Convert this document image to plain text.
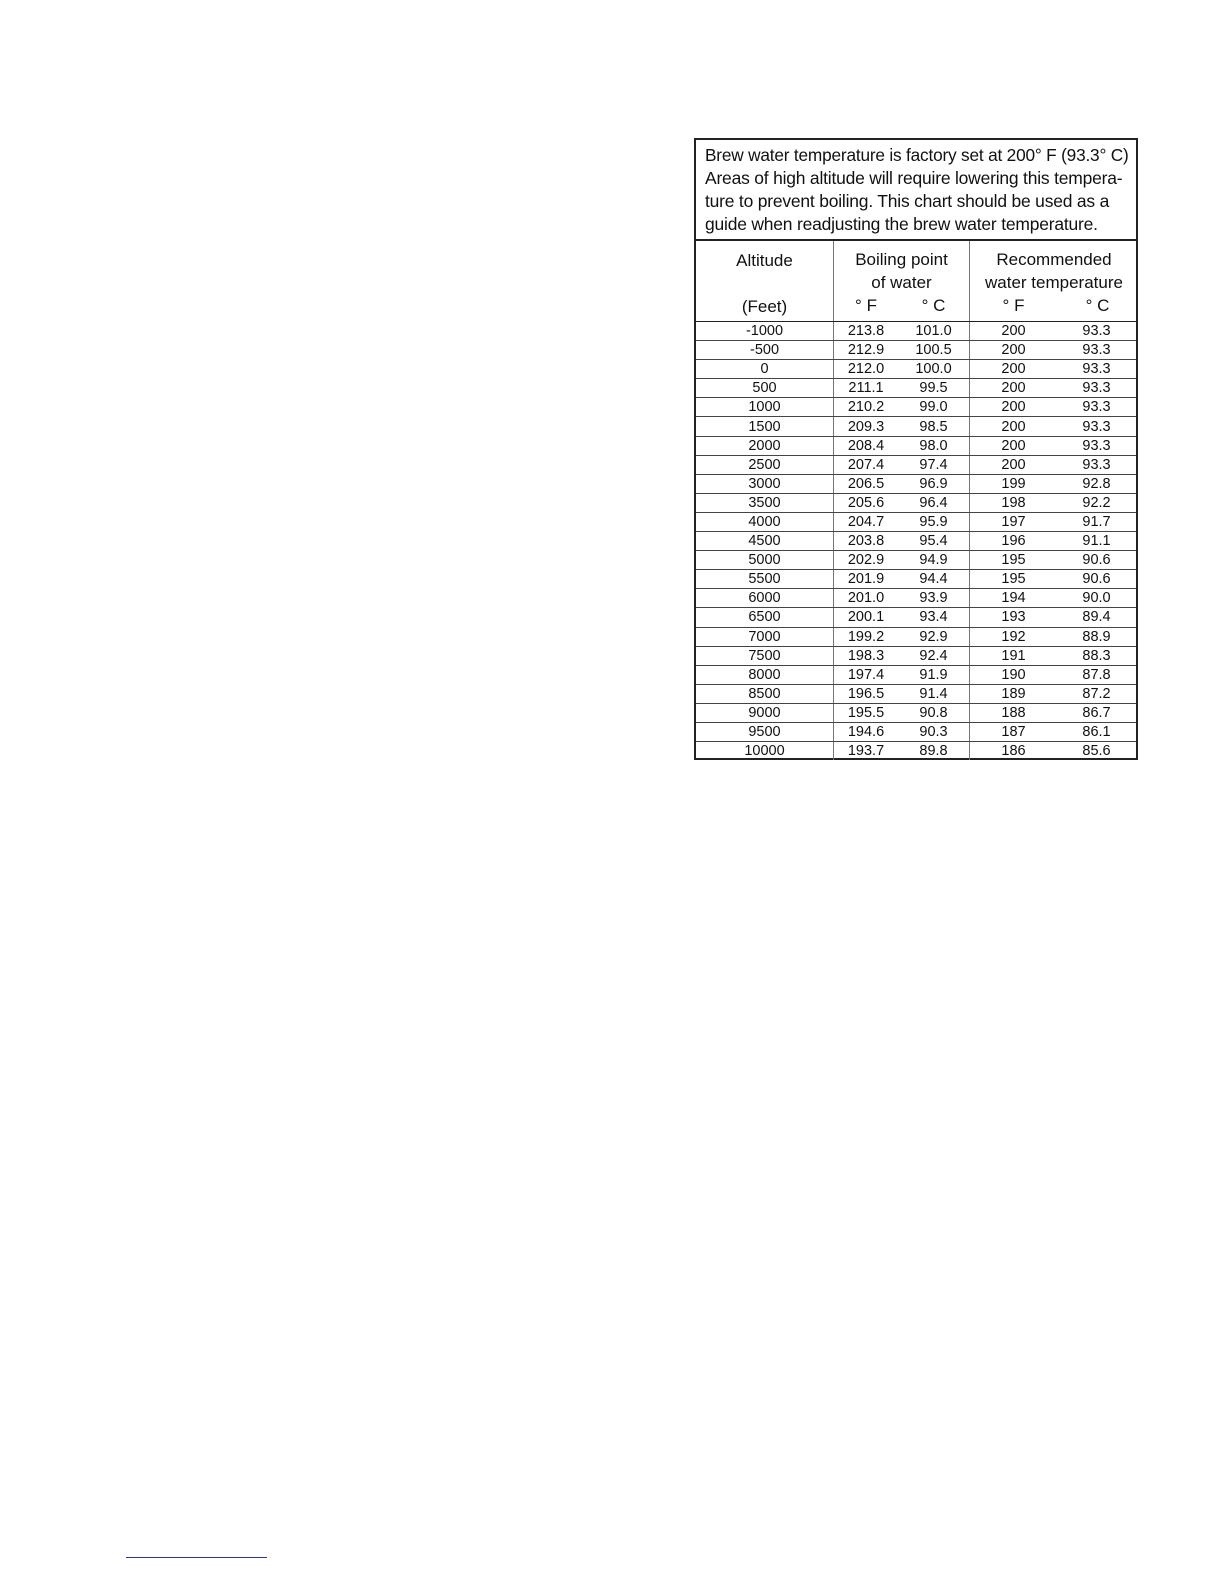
Brew water temperature is factory set at 200° F (93.3° C) Areas of high altitude will require lowering this tempera- ture to prevent boiling. This chart should be used as a guide when readjusting the brew water temperature.
Altitude
(Feet)
Boiling point
of water
° F	° C
Recommended
water temperature
° F	° C
-1000	213.8	101.0	200	93.3
-500	212.9	100.5	200	93.3
0	212.0	100.0	200	93.3
500	211.1	99.5	200	93.3
1000	210.2	99.0	200	93.3
1500	209.3	98.5	200	93.3
2000	208.4	98.0	200	93.3
2500	207.4	97.4	200	93.3
3000	206.5	96.9	199	92.8
3500	205.6	96.4	198	92.2
4000	204.7	95.9	197	91.7
4500	203.8	95.4	196	91.1
5000	202.9	94.9	195	90.6
5500	201.9	94.4	195	90.6
6000	201.0	93.9	194	90.0
6500	200.1	93.4	193	89.4
7000	199.2	92.9	192	88.9
7500	198.3	92.4	191	88.3
8000	197.4	91.9	190	87.8
8500	196.5	91.4	189	87.2
9000	195.5	90.8	188	86.7
9500	194.6	90.3	187	86.1
10000	193.7	89.8	186	85.6
